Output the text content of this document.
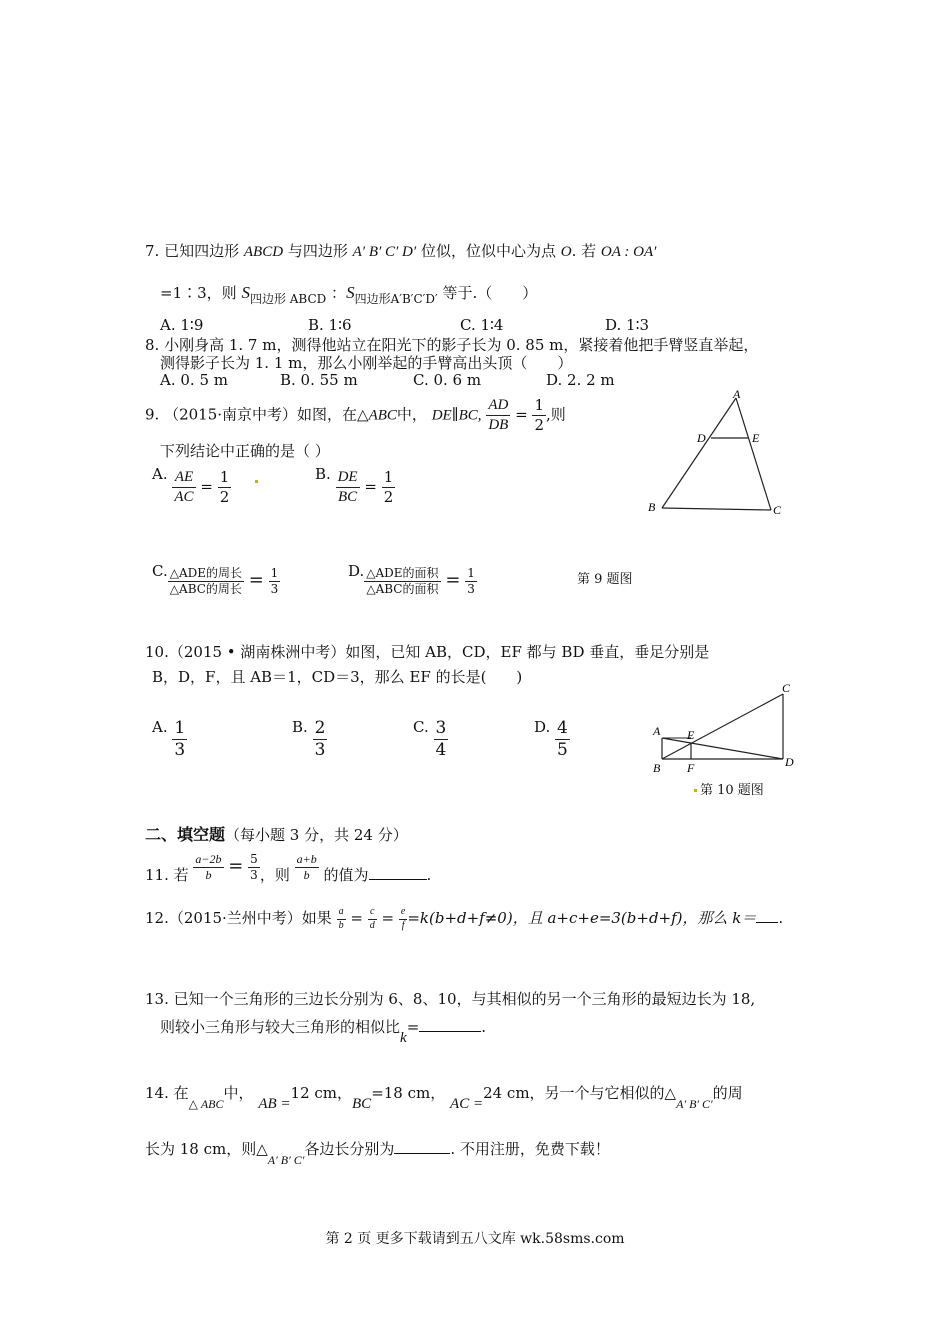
7. 已知四边形 ABCD 与四边形 A′ B′ C′ D′ 位似，位似中心为点 O. 若 OA : OA′
=1∶3，则 $S_{四边形 ABCD}$ ：$S_{四边形A'B'C'D'}$ 等于.（　　）
A. 1∶9	B. 1∶6	C. 1∶4	D. 1∶3
8. 小刚身高 1. 7 m，测得他站立在阳光下的影子长为 0. 85 m，紧接着他把手臂竖直举起，
测得影子长为 1. 1 m，那么小刚举起的手臂高出头顶（　　）
A. 0. 5 m	B. 0. 55 m	C. 0. 6 m	D. 2. 2 m
9. （2015·南京中考）如图，在△ABC中， DE∥BC, $\frac{AD}{DB} = \frac{1}{2}$ ,则
下列结论中正确的是（ ）
A. $\frac{AE}{AC} = \frac{1}{2}$	B. $\frac{DE}{BC} = \frac{1}{2}$
C. $\frac{\text{△ADE的周长}}{\text{△ABC的周长}} = \frac{1}{3}$	D. $\frac{\text{△ADE的面积}}{\text{△ABC的面积}} = \frac{1}{3}$
A
D	E
B	C
第 9 题图
10.（2015 • 湖南株洲中考）如图，已知 AB，CD，EF 都与 BD 垂直，垂足分别是
B，D，F，且 AB＝1，CD＝3，那么 EF 的长是(　　)
A. $\frac{1}{3}$	B. $\frac{2}{3}$	C. $\frac{3}{4}$	D. $\frac{4}{5}$	A
B
C
D
E
F
第 10 题图
二、填空题（每小题 3 分，共 24 分）
11. 若 $\frac{a-2b}{b} = \frac{5}{3}$ ，则 $\frac{a+b}{b}$ 的值为	.
12.（2015·兰州中考）如果 $\frac{a}{b} = \frac{c}{d} = \frac{e}{f} =k(b+d+f\ne 0)$，且 a+c+e=3(b+d+f)，那么 k＝ .
13. 已知一个三角形的三边长分别为 6、8、10，与其相似的另一个三角形的最短边长为 18,
则较小三角形与较大三角形的相似比k=	.
14. 在$_{\triangle ABC}$中， AB =12 cm，BC=18 cm， AC =24 cm，另一个与它相似的$\triangle_{A' B' C'}$的周
长为 18 cm，则$\triangle_{A' B' C'}$各边长分别为	. 不用注册，免费下载！
第 2 页 更多下载请到五八文库 wk.58sms.com
